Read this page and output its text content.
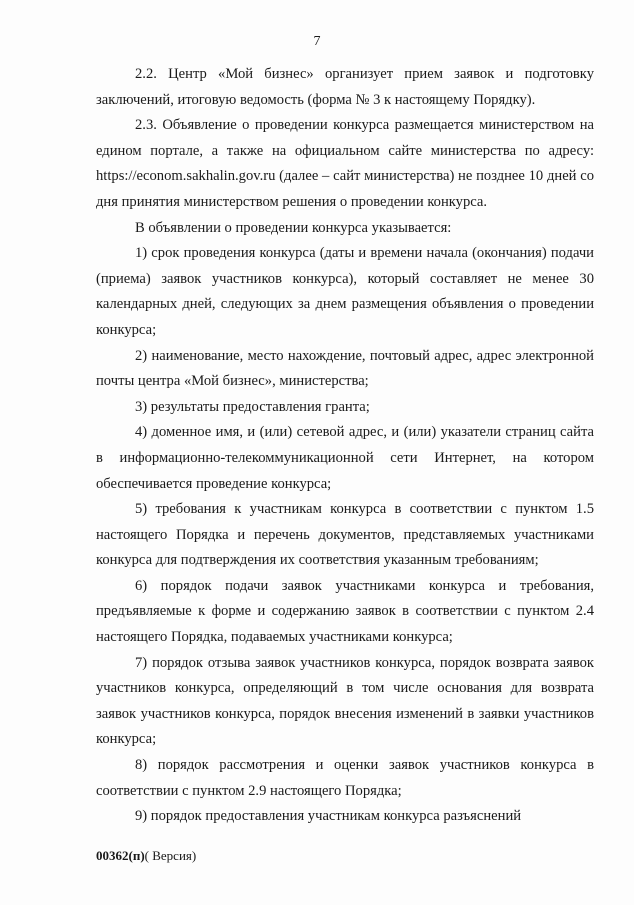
7

2.2. Центр «Мой бизнес» организует прием заявок и подготовку заключений, итоговую ведомость (форма № 3 к настоящему Порядку).

2.3. Объявление о проведении конкурса размещается министерством на едином портале, а также на официальном сайте министерства по адресу: https://econom.sakhalin.gov.ru (далее – сайт министерства) не позднее 10 дней со дня принятия министерством решения о проведении конкурса.

В объявлении о проведении конкурса указывается:

1) срок проведения конкурса (даты и времени начала (окончания) подачи (приема) заявок участников конкурса), который составляет не менее 30 календарных дней, следующих за днем размещения объявления о проведении конкурса;

2) наименование, место нахождение, почтовый адрес, адрес электронной почты центра «Мой бизнес», министерства;

3) результаты предоставления гранта;

4) доменное имя, и (или) сетевой адрес, и (или) указатели страниц сайта в информационно-телекоммуникационной сети Интернет, на котором обеспечивается проведение конкурса;

5) требования к участникам конкурса в соответствии с пунктом 1.5 настоящего Порядка и перечень документов, представляемых участниками конкурса для подтверждения их соответствия указанным требованиям;

6) порядок подачи заявок участниками конкурса и требования, предъявляемые к форме и содержанию заявок в соответствии с пунктом 2.4 настоящего Порядка, подаваемых участниками конкурса;

7) порядок отзыва заявок участников конкурса, порядок возврата заявок участников конкурса, определяющий в том числе основания для возврата заявок участников конкурса, порядок внесения изменений в заявки участников конкурса;

8) порядок рассмотрения и оценки заявок участников конкурса в соответствии с пунктом 2.9 настоящего Порядка;

9) порядок предоставления участникам конкурса разъяснений

00362(п)( Версия)
